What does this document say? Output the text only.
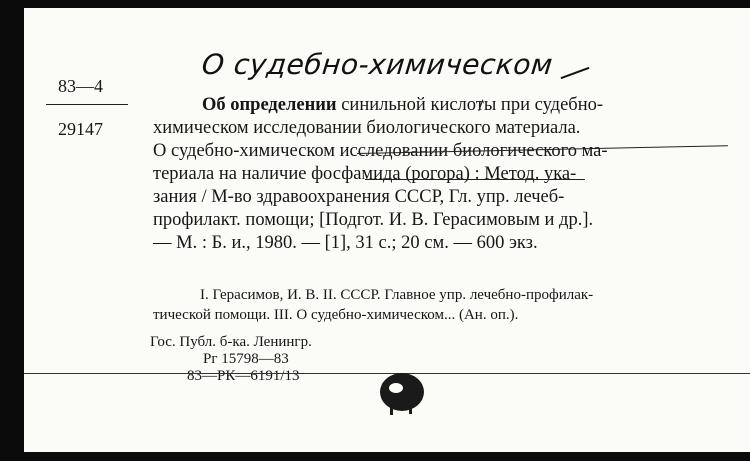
83—4
29147
О судебно-химическом
Об определении синильной кислоты при судебно-
химическом исследовании биологического материала.
О судебно-химическом исследовании биологического ма-
териала на наличие фосфамида (рогора) : Метод. ука-
зания / М-во здравоохранения СССР, Гл. упр. лечеб-
профилакт. помощи; [Подгот. И. В. Герасимовым и др.].
— М. : Б. и., 1980. — [1], 31 с.; 20 см. — 600 экз.
I. Герасимов, И. В. II. СССР. Главное упр. лечебно-профилак-
тической помощи. III. О судебно-химическом... (Ан. оп.).
Гос. Публ. б-ка. Ленингр.
Рг 15798—83
83—РК—6191/13
